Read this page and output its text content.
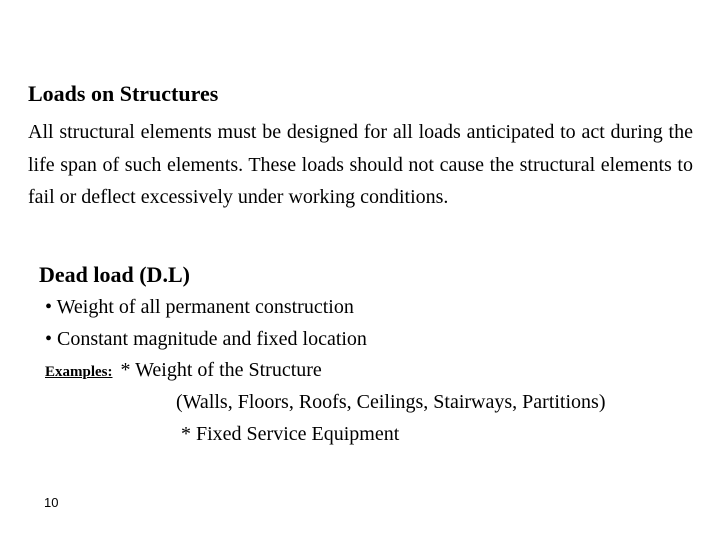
Loads on Structures
All structural elements must be designed for all loads anticipated to act during the life span of such elements. These loads should not cause the structural elements to fail or deflect excessively under working conditions.
Dead load (D.L)
• Weight of all permanent construction
• Constant magnitude and fixed location
Examples: * Weight of the Structure
(Walls, Floors, Roofs, Ceilings, Stairways, Partitions)
* Fixed Service Equipment
10
